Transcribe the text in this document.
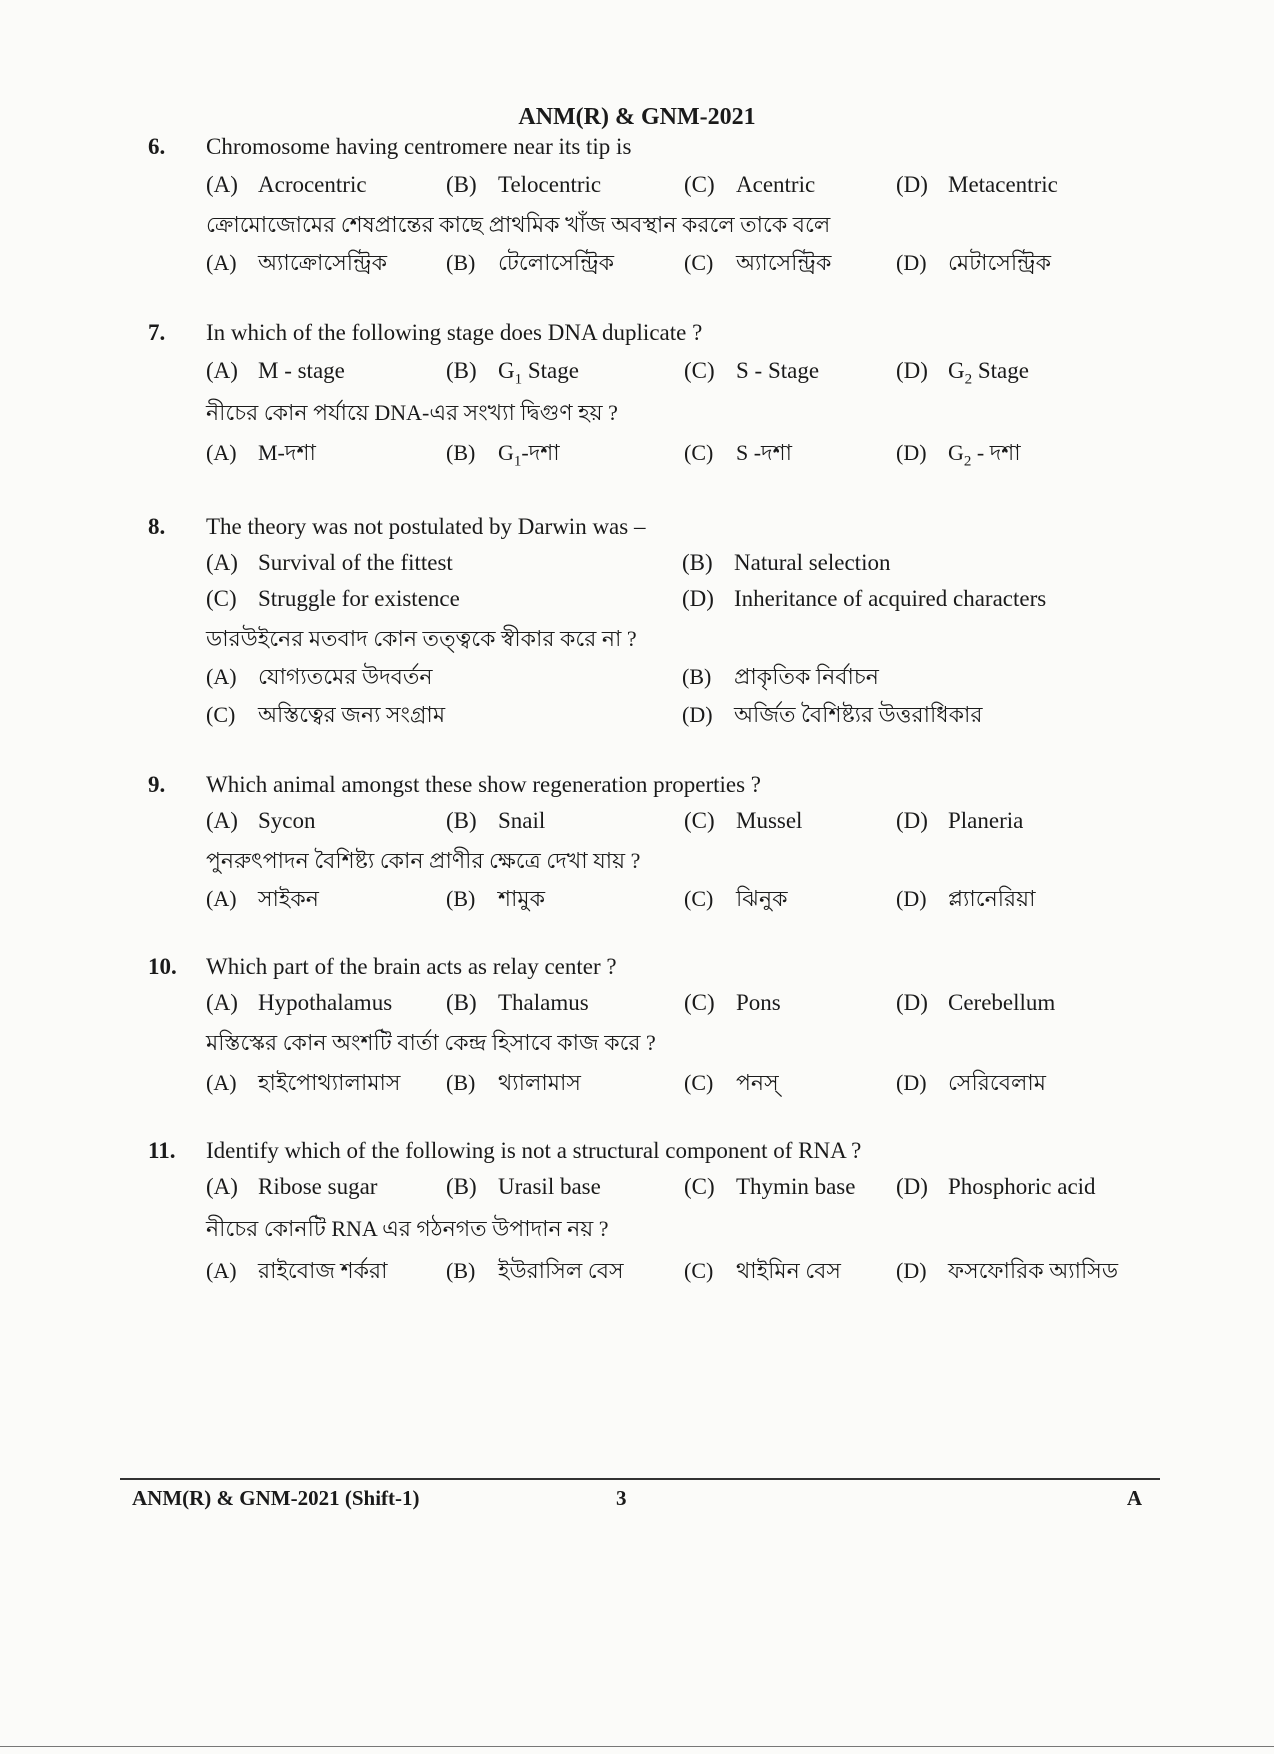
ANM(R) & GNM-2021
6. Chromosome having centromere near its tip is
(A) Acrocentric	(B) Telocentric	(C) Acentric	(D) Metacentric
ক্রোমোজোমের শেষপ্রান্তের কাছে প্রাথমিক খাঁজ অবস্থান করলে তাকে বলে
(A) অ্যাক্রোসেন্ট্রিক	(B) টেলোসেন্ট্রিক	(C) অ্যাসেন্ট্রিক	(D) মেটাসেন্ট্রিক
7. In which of the following stage does DNA duplicate ?
(A) M - stage	(B) $G_1$ Stage	(C) S - Stage	(D) $G_2$ Stage
নীচের কোন পর্যায়ে DNA-এর সংখ্যা দ্বিগুণ হয় ?
(A) M-দশা	(B) $G_1-দশা$	(C) S -দশা	(D) $G_2$ - দশা
8. The theory was not postulated by Darwin was –
(A) Survival of the fittest	(B) Natural selection
(C) Struggle for existence	(D) Inheritance of acquired characters
ডারউইনের মতবাদ কোন তত্ত্বকে স্বীকার করে না ?
(A) যোগ্যতমের উদবর্তন	(B) প্রাকৃতিক নির্বাচন
(C) অস্তিত্বের জন্য সংগ্রাম	(D) অর্জিত বৈশিষ্ট্যর উত্তরাধিকার
9. Which animal amongst these show regeneration properties ?
(A) Sycon	(B) Snail	(C) Mussel	(D) Planeria
পুনরুৎপাদন বৈশিষ্ট্য কোন প্রাণীর ক্ষেত্রে দেখা যায় ?
(A) সাইকন	(B) শামুক	(C) ঝিনুক	(D) প্ল্যানেরিয়া
10. Which part of the brain acts as relay center ?
(A) Hypothalamus (B) Thalamus	(C) Pons	(D) Cerebellum
মস্তিস্কের কোন অংশটি বার্তা কেন্দ্র হিসাবে কাজ করে ?
(A) হাইপোথ্যালামাস (B) থ্যালামাস	(C) পনস্	(D) সেরিবেলাম
11. Identify which of the following is not a structural component of RNA ?
(A) Ribose sugar	(B) Urasil base	(C) Thymin base (D) Phosphoric acid
নীচের কোনটি RNA এর গঠনগত উপাদান নয় ?
(A) রাইবোজ শর্করা	(B) ইউরাসিল বেস	(C) থাইমিন বেস	(D) ফসফোরিক অ্যাসিড
ANM(R) & GNM-2021 (Shift-1)	3	A
